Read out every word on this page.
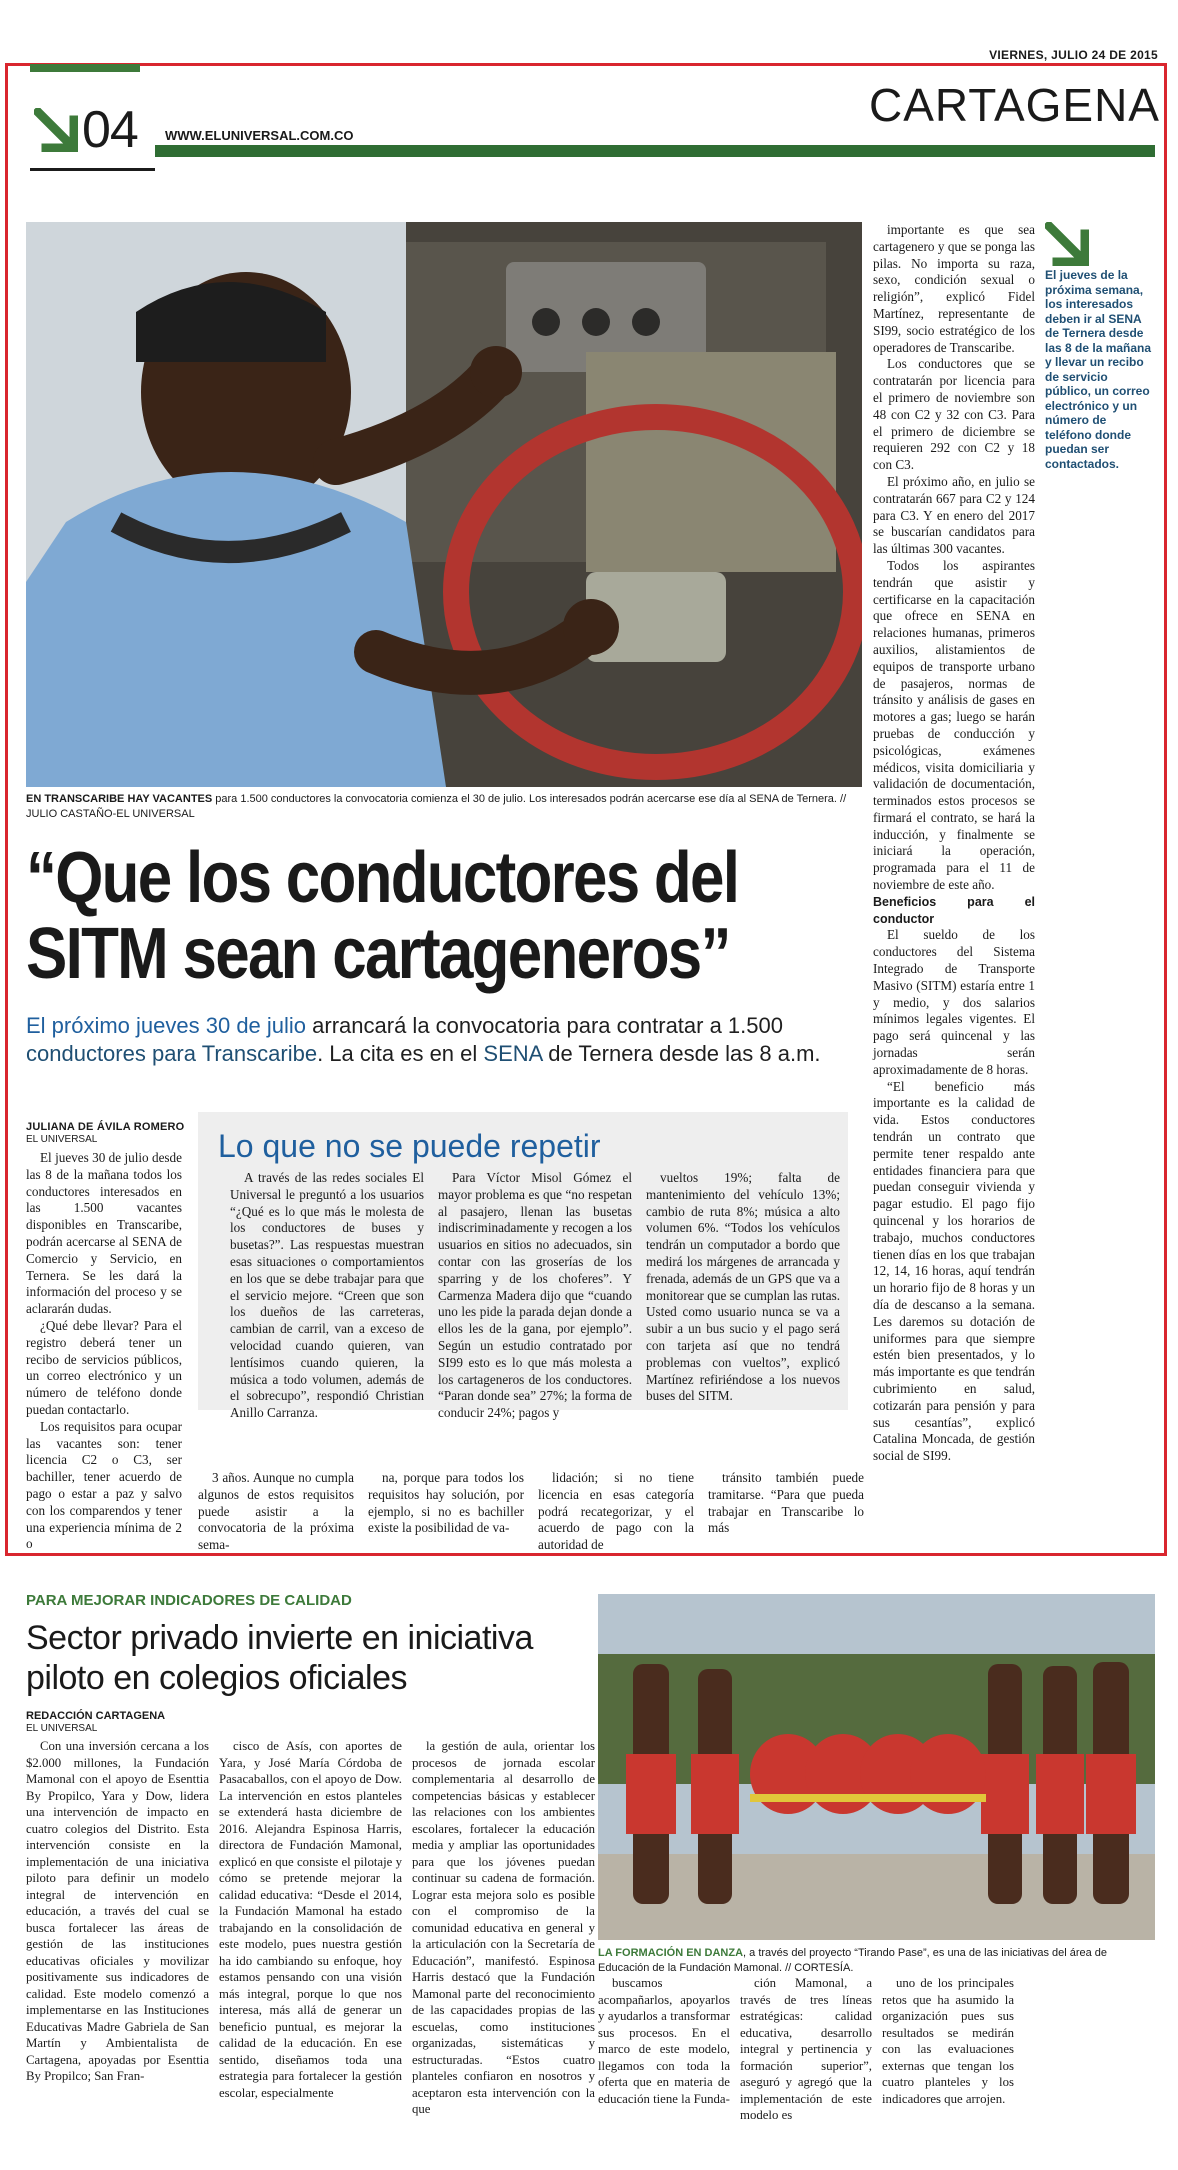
VIERNES, JULIO 24 DE 2015
04 WWW.ELUNIVERSAL.COM.CO
CARTAGENA
EN TRANSCARIBE HAY VACANTES para 1.500 conductores la convocatoria comienza el 30 de julio. Los interesados podrán acercarse ese día al SENA de Ternera. // JULIO CASTAÑO-EL UNIVERSAL
“Que los conductores del
SITM sean cartageneros”
El próximo jueves 30 de julio arrancará la convocatoria para contratar a 1.500 conductores para Transcaribe. La cita es en el SENA de Ternera desde las 8 a.m.
JULIANA DE ÁVILA ROMERO
EL UNIVERSAL

El jueves 30 de julio desde las 8 de la mañana todos los conductores interesados en las 1.500 vacantes disponibles en Transcaribe, podrán acercarse al SENA de Comercio y Servicio, en Ternera. Se les dará la información del proceso y se aclararán dudas.

¿Qué debe llevar? Para el registro deberá tener un recibo de servicios públicos, un correo electrónico y un número de teléfono donde puedan contactarlo.

Los requisitos para ocupar las vacantes son: tener licencia C2 o C3, ser bachiller, tener acuerdo de pago o estar a paz y salvo con los comparendos y tener una experiencia mínima de 2 o

Lo que no se puede repetir

A través de las redes sociales El Universal le preguntó a los usuarios “¿Qué es lo que más le molesta de los conductores de buses y busetas?”. Las respuestas muestran esas situaciones o comportamientos en los que se debe trabajar para que el servicio mejore. “Creen que son los dueños de las carreteras, cambian de carril, van a exceso de velocidad cuando quieren, van lentísimos cuando quieren, la música a todo volumen, además de el sobrecupo”, respondió Christian Anillo Carranza.

Para Víctor Misol Gómez el mayor problema es que “no respetan al pasajero, llenan las busetas indiscriminadamente y recogen a los usuarios en sitios no adecuados, sin contar con las groserías de los sparring y de los choferes”. Y Carmenza Madera dijo que “cuando uno les pide la parada dejan donde a ellos les de la gana, por ejemplo”. Según un estudio contratado por SI99 esto es lo que más molesta a los cartageneros de los conductores. “Paran donde sea” 27%; la forma de conducir 24%; pagos y

vueltos 19%; falta de mantenimiento del vehículo 13%; cambio de ruta 8%; música a alto volumen 6%. “Todos los vehículos tendrán un computador a bordo que medirá los márgenes de arrancada y frenada, además de un GPS que va a monitorear que se cumplan las rutas. Usted como usuario nunca se va a subir a un bus sucio y el pago será con tarjeta así que no tendrá problemas con vueltos”, explicó Martínez refiriéndose a los nuevos buses del SITM.

3 años. Aunque no cumpla algunos de estos requisitos puede asistir a la convocatoria de la próxima sema-

na, porque para todos los requisitos hay solución, por ejemplo, si no es bachiller existe la posibilidad de va-

lidación; si no tiene licencia en esas categoría podrá recategorizar, y el acuerdo de pago con la autoridad de

tránsito también puede tramitarse. “Para que pueda trabajar en Transcaribe lo más

importante es que sea cartagenero y que se ponga las pilas. No importa su raza, sexo, condición sexual o religión”, explicó Fidel Martínez, representante de SI99, socio estratégico de los operadores de Transcaribe.

Los conductores que se contratarán por licencia para el primero de noviembre son 48 con C2 y 32 con C3. Para el primero de diciembre se requieren 292 con C2 y 18 con C3.

El próximo año, en julio se contratarán 667 para C2 y 124 para C3. Y en enero del 2017 se buscarían candidatos para las últimas 300 vacantes.

Todos los aspirantes tendrán que asistir y certificarse en la capacitación que ofrece en SENA en relaciones humanas, primeros auxilios, alistamientos de equipos de transporte urbano de pasajeros, normas de tránsito y análisis de gases en motores a gas; luego se harán pruebas de conducción y psicológicas, exámenes médicos, visita domiciliaria y validación de documentación, terminados estos procesos se firmará el contrato, se hará la inducción, y finalmente se iniciará la operación, programada para el 11 de noviembre de este año.

Beneficios para el conductor

El sueldo de los conductores del Sistema Integrado de Transporte Masivo (SITM) estaría entre 1 y medio, y dos salarios mínimos legales vigentes. El pago será quincenal y las jornadas serán aproximadamente de 8 horas.

“El beneficio más importante es la calidad de vida. Estos conductores tendrán un contrato que permite tener respaldo ante entidades financiera para que puedan conseguir vivienda y pagar estudio. El pago fijo quincenal y los horarios de trabajo, muchos conductores tienen días en los que trabajan 12, 14, 16 horas, aquí tendrán un horario fijo de 8 horas y un día de descanso a la semana. Les daremos su dotación de uniformes para que siempre estén bien presentados, y lo más importante es que tendrán cubrimiento en salud, cotizarán para pensión y para sus cesantías”, explicó Catalina Moncada, de gestión social de SI99.

El jueves de la próxima semana, los interesados deben ir al SENA de Ternera desde las 8 de la mañana y llevar un recibo de servicio público, un correo electrónico y un número de teléfono donde puedan ser contactados.
PARA MEJORAR INDICADORES DE CALIDAD
Sector privado invierte en iniciativa piloto en colegios oficiales
REDACCIÓN CARTAGENA
EL UNIVERSAL

Con una inversión cercana a los $2.000 millones, la Fundación Mamonal con el apoyo de Esenttia By Propilco, Yara y Dow, lidera una intervención de impacto en cuatro colegios del Distrito. Esta intervención consiste en la implementación de una iniciativa piloto para definir un modelo integral de intervención en educación, a través del cual se busca fortalecer las áreas de gestión de las instituciones educativas oficiales y movilizar positivamente sus indicadores de calidad. Este modelo comenzó a implementarse en las Instituciones Educativas Madre Gabriela de San Martín y Ambientalista de Cartagena, apoyadas por Esenttia By Propilco; San Fran-

cisco de Asís, con aportes de Yara, y José María Córdoba de Pasacaballos, con el apoyo de Dow. La intervención en estos planteles se extenderá hasta diciembre de 2016. Alejandra Espinosa Harris, directora de Fundación Mamonal, explicó en que consiste el pilotaje y cómo se pretende mejorar la calidad educativa: “Desde el 2014, la Fundación Mamonal ha estado trabajando en la consolidación de este modelo, pues nuestra gestión ha ido cambiando su enfoque, hoy estamos pensando con una visión más integral, porque lo que nos interesa, más allá de generar un beneficio puntual, es mejorar la calidad de la educación. En ese sentido, diseñamos toda una estrategia para fortalecer la gestión escolar, especialmente

la gestión de aula, orientar los procesos de jornada escolar complementaria al desarrollo de competencias básicas y establecer las relaciones con los ambientes escolares, fortalecer la educación media y ampliar las oportunidades para que los jóvenes puedan continuar su cadena de formación. Lograr esta mejora solo es posible con el compromiso de la comunidad educativa en general y la articulación con la Secretaría de Educación”, manifestó. Espinosa Harris destacó que la Fundación Mamonal parte del reconocimiento de las capacidades propias de las escuelas, como instituciones organizadas, sistemáticas y estructuradas. “Estos cuatro planteles confiaron en nosotros y aceptaron esta intervención con la que

LA FORMACIÓN EN DANZA, a través del proyecto “Tirando Pase”, es una de las iniciativas del área de Educación de la Fundación Mamonal. // CORTESÍA.

buscamos acompañarlos, apoyarlos y ayudarlos a transformar sus procesos. En el marco de este modelo, llegamos con toda la oferta que en materia de educación tiene la Funda-

ción Mamonal, a través de tres líneas estratégicas: calidad educativa, desarrollo integral y pertinencia y formación superior”, aseguró y agregó que la implementación de este modelo es

uno de los principales retos que ha asumido la organización pues sus resultados se medirán con las evaluaciones externas que tengan los cuatro planteles y los indicadores que arrojen.
